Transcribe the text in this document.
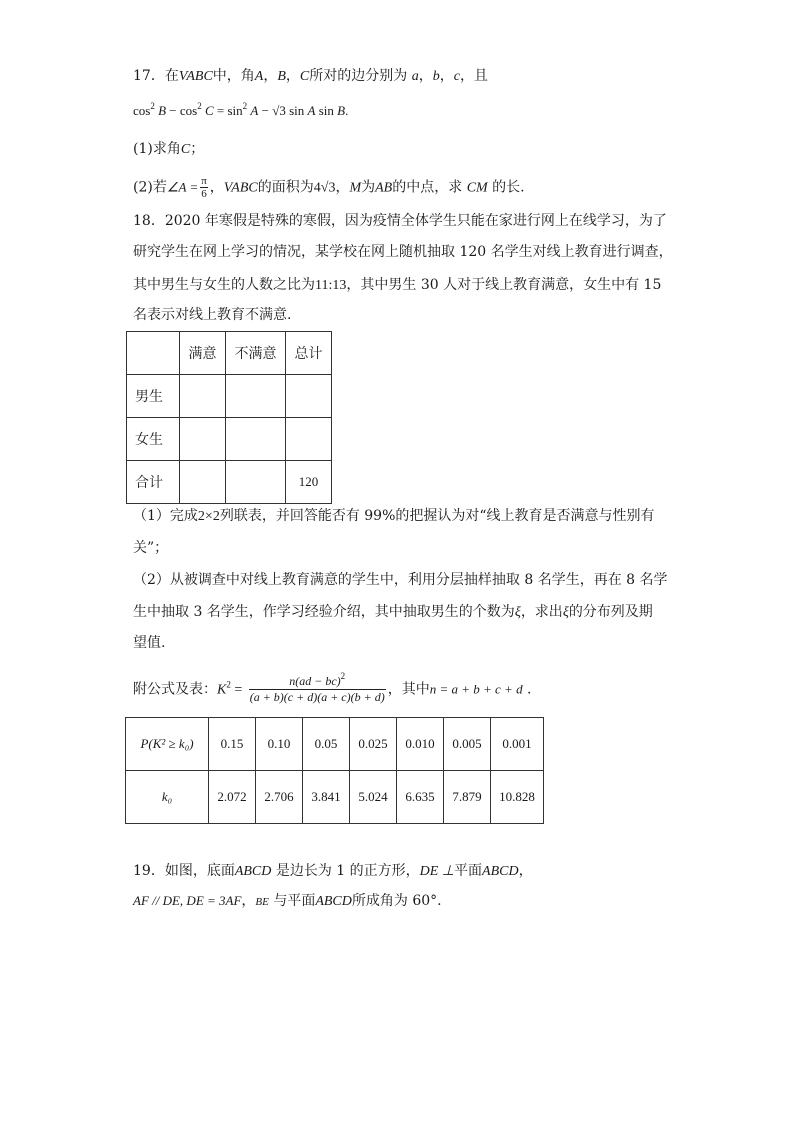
17．在VABC中，角A，B，C所对的边分别为 a，b，c，且
$\cos^2 B - \cos^2 C = \sin^2 A - √3$ sin A sin B.
(1)求角C；
(2)若∠A = $\frac{\pi}{6}$ ，VABC的面积为4√3，M为AB的中点，求 CM 的长.
18．2020 年寒假是特殊的寒假，因为疫情全体学生只能在家进行网上在线学习，为了
研究学生在网上学习的情况，某学校在网上随机抽取 120 名学生对线上教育进行调查，
其中男生与女生的人数之比为11:13，其中男生 30 人对于线上教育满意，女生中有 15
名表示对线上教育不满意.
	满意	不满意	总计
男生			
女生			
合计			120
（1）完成2×2列联表，并回答能否有 99%的把握认为对“线上教育是否满意与性别有
关”；
（2）从被调查中对线上教育满意的学生中，利用分层抽样抽取 8 名学生，再在 8 名学
生中抽取 3 名学生，作学习经验介绍，其中抽取男生的个数为ξ，求出ξ的分布列及期
望值.
附公式及表：$K^2 = \frac{n(ad - bc)^2}{(a + b)(c + d)(a + c)(b + d)}$ ，其中n = a + b + c + d .
P(K² ≥ k₀)	0.15	0.10	0.05	0.025	0.010	0.005	0.001
k₀	2.072	2.706	3.841	5.024	6.635	7.879	10.828
19．如图，底面ABCD 是边长为 1 的正方形，DE ⊥平面ABCD，
AF // DE, DE = 3AF，BE 与平面ABCD所成角为 60°.
